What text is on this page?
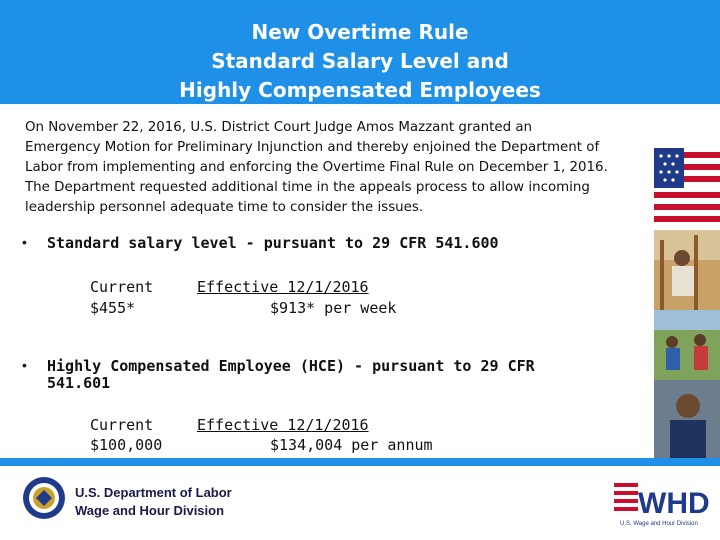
New Overtime Rule
Standard Salary Level and
Highly Compensated Employees
On November 22, 2016, U.S. District Court Judge Amos Mazzant granted an
Emergency Motion for Preliminary Injunction and thereby enjoined the Department of
Labor from implementing and enforcing the Overtime Final Rule on December 1, 2016.
The Department requested additional time in the appeals process to allow incoming
leadership personnel adequate time to consider the issues.
• Standard salary level - pursuant to 29 CFR 541.600
Current
$455*
Effective 12/1/2016
$913* per week
• Highly Compensated Employee (HCE) - pursuant to 29 CFR
541.601
Current
$100,000
Effective 12/1/2016
$134,004 per annum
U.S. Department of Labor
Wage and Hour Division	WHD
U.S. Wage and Hour Division
